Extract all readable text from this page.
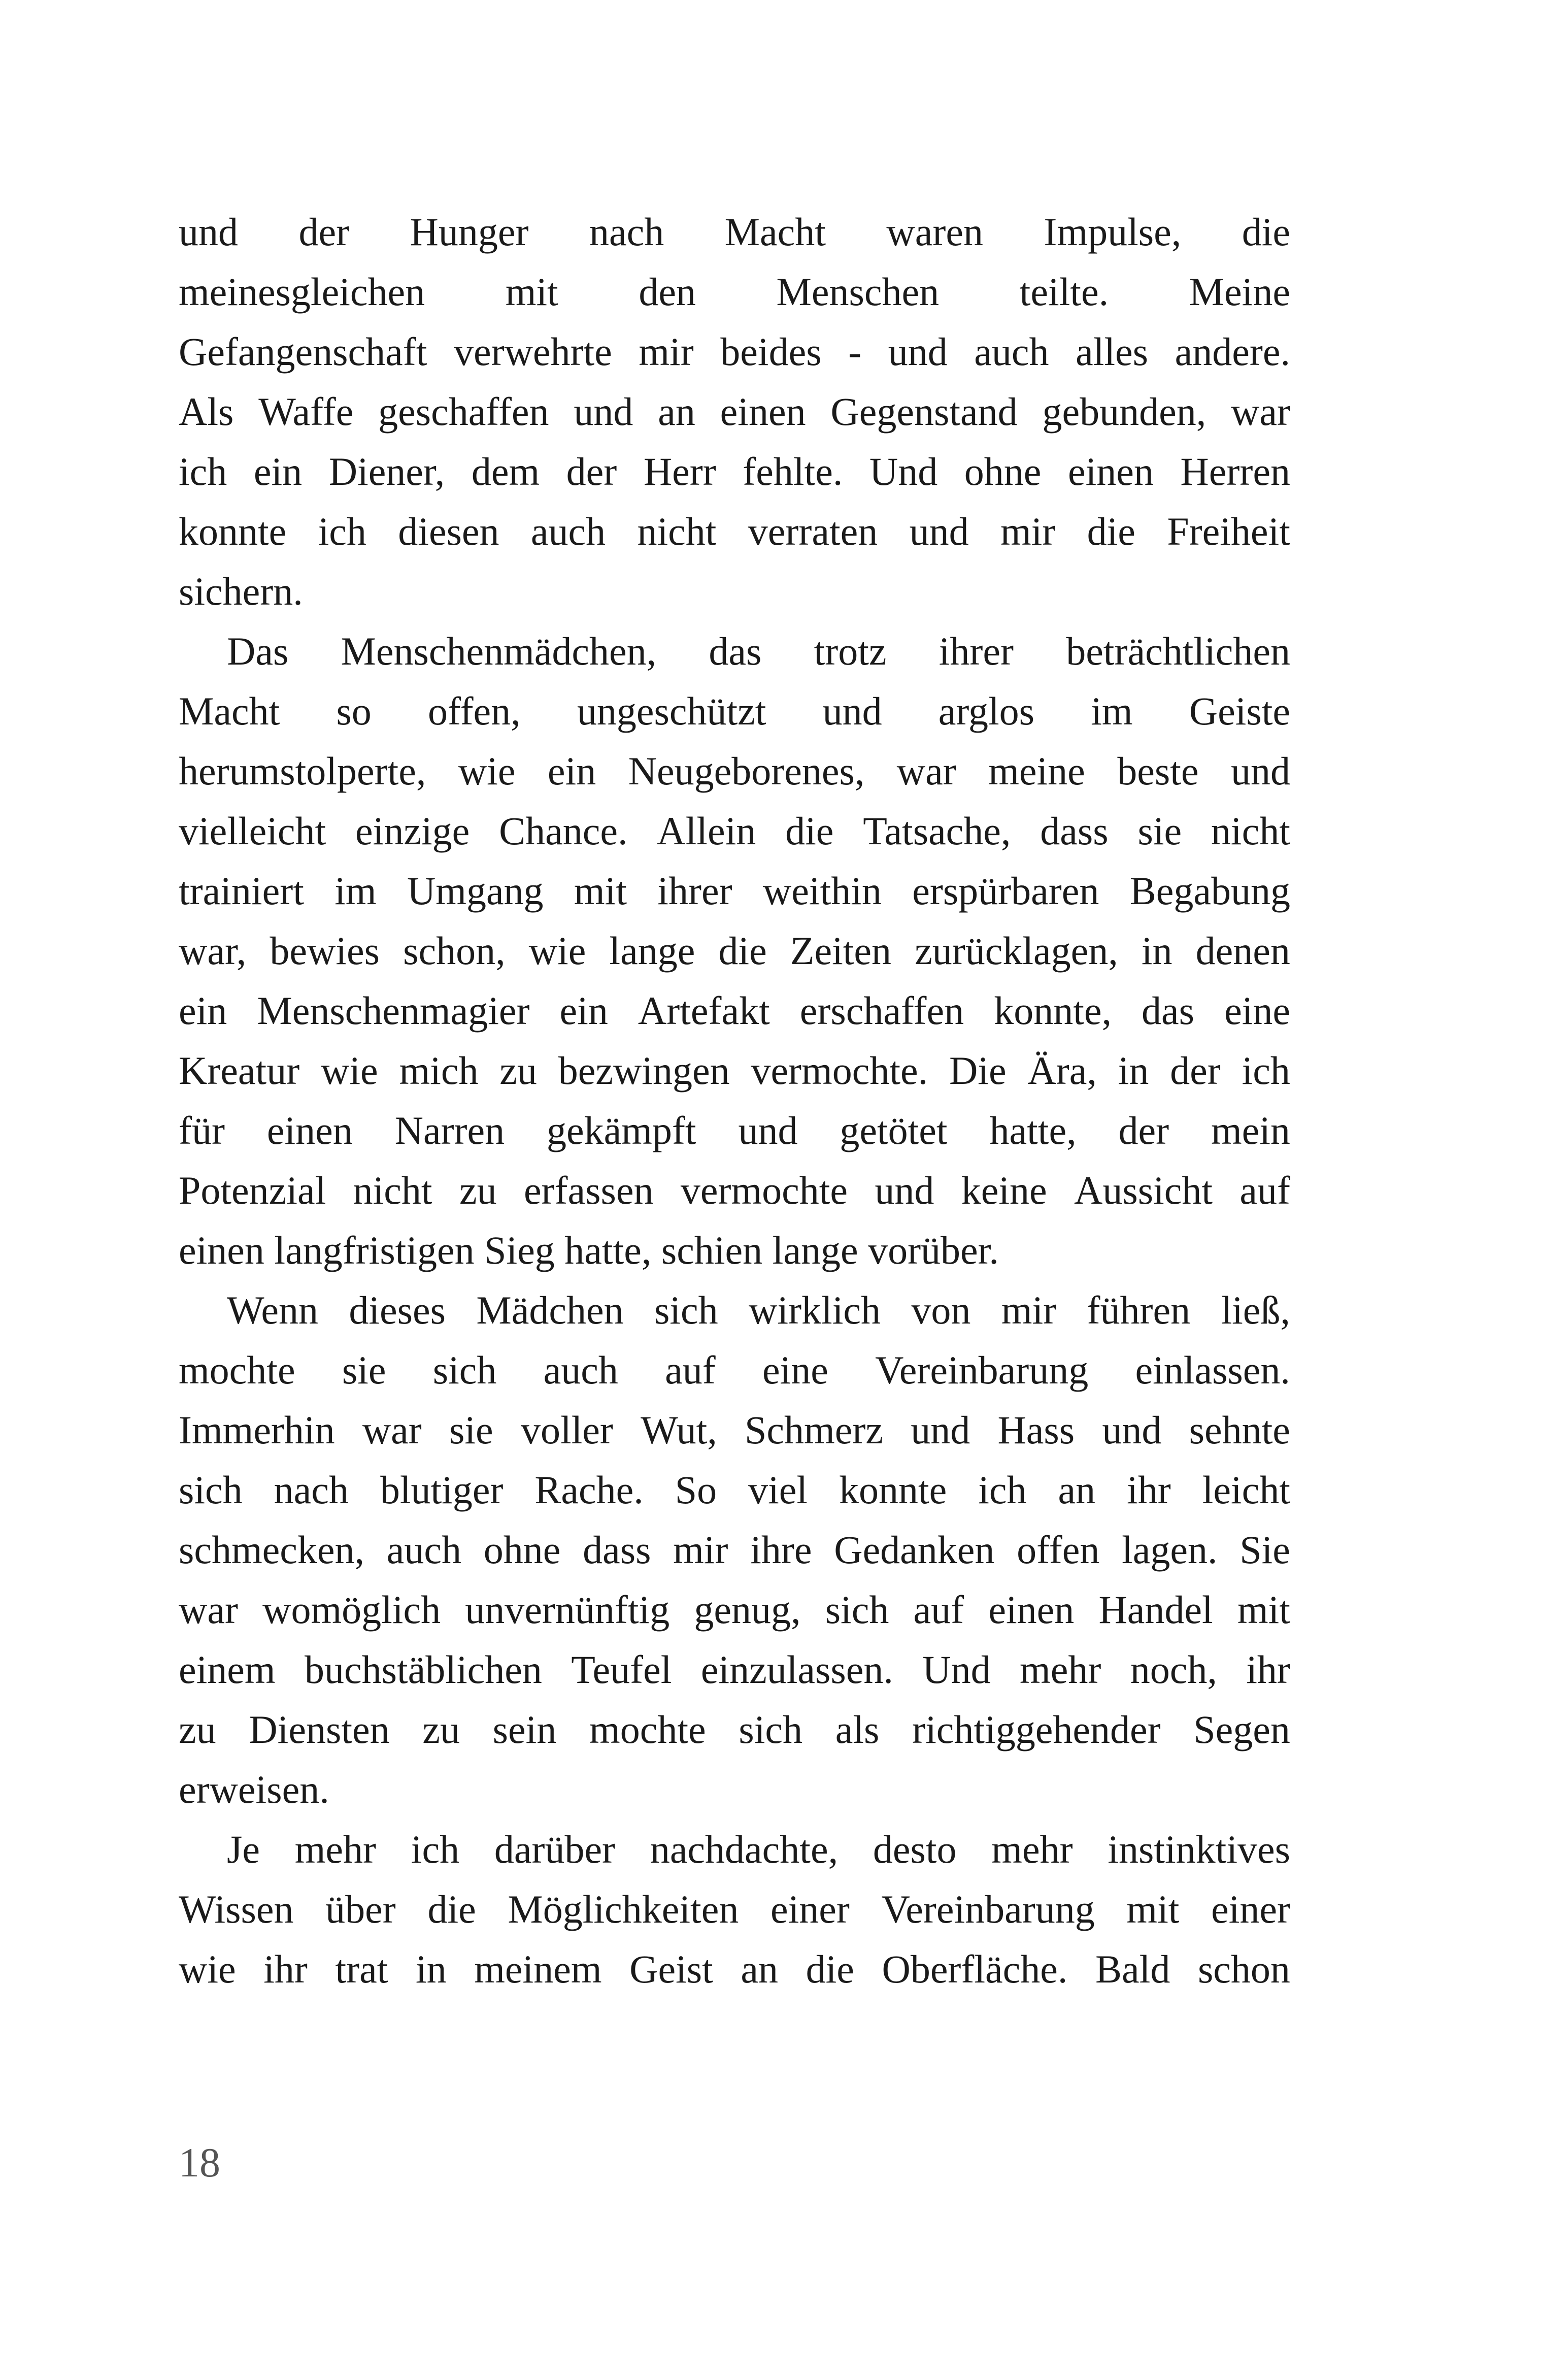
und der Hunger nach Macht waren Impulse, die
meinesgleichen mit den Menschen teilte. Meine
Gefangenschaft verwehrte mir beides - und auch alles andere.
Als Waffe geschaffen und an einen Gegenstand gebunden, war
ich ein Diener, dem der Herr fehlte. Und ohne einen Herren
konnte ich diesen auch nicht verraten und mir die Freiheit
sichern.
Das Menschenmädchen, das trotz ihrer beträchtlichen
Macht so offen, ungeschützt und arglos im Geiste
herumstolperte, wie ein Neugeborenes, war meine beste und
vielleicht einzige Chance. Allein die Tatsache, dass sie nicht
trainiert im Umgang mit ihrer weithin erspürbaren Begabung
war, bewies schon, wie lange die Zeiten zurücklagen, in denen
ein Menschenmagier ein Artefakt erschaffen konnte, das eine
Kreatur wie mich zu bezwingen vermochte. Die Ära, in der ich
für einen Narren gekämpft und getötet hatte, der mein
Potenzial nicht zu erfassen vermochte und keine Aussicht auf
einen langfristigen Sieg hatte, schien lange vorüber.
Wenn dieses Mädchen sich wirklich von mir führen ließ,
mochte sie sich auch auf eine Vereinbarung einlassen.
Immerhin war sie voller Wut, Schmerz und Hass und sehnte
sich nach blutiger Rache. So viel konnte ich an ihr leicht
schmecken, auch ohne dass mir ihre Gedanken offen lagen. Sie
war womöglich unvernünftig genug, sich auf einen Handel mit
einem buchstäblichen Teufel einzulassen. Und mehr noch, ihr
zu Diensten zu sein mochte sich als richtiggehender Segen
erweisen.
Je mehr ich darüber nachdachte, desto mehr instinktives
Wissen über die Möglichkeiten einer Vereinbarung mit einer
wie ihr trat in meinem Geist an die Oberfläche. Bald schon
18
